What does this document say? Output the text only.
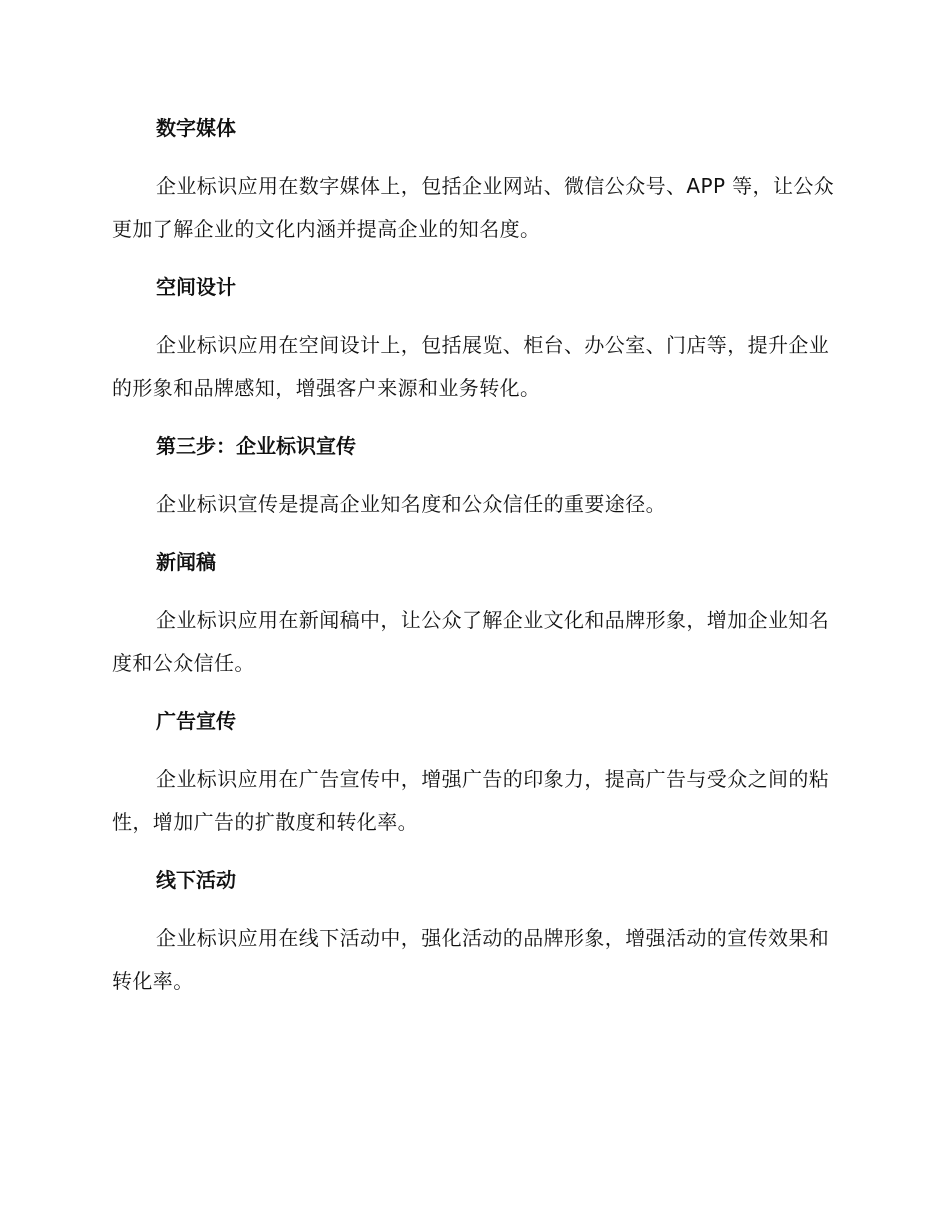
数字媒体
企业标识应用在数字媒体上，包括企业网站、微信公众号、APP 等，让公众更加了解企业的文化内涵并提高企业的知名度。
空间设计
企业标识应用在空间设计上，包括展览、柜台、办公室、门店等，提升企业的形象和品牌感知，增强客户来源和业务转化。
第三步：企业标识宣传
企业标识宣传是提高企业知名度和公众信任的重要途径。
新闻稿
企业标识应用在新闻稿中，让公众了解企业文化和品牌形象，增加企业知名度和公众信任。
广告宣传
企业标识应用在广告宣传中，增强广告的印象力，提高广告与受众之间的粘性，增加广告的扩散度和转化率。
线下活动
企业标识应用在线下活动中，强化活动的品牌形象，增强活动的宣传效果和转化率。
